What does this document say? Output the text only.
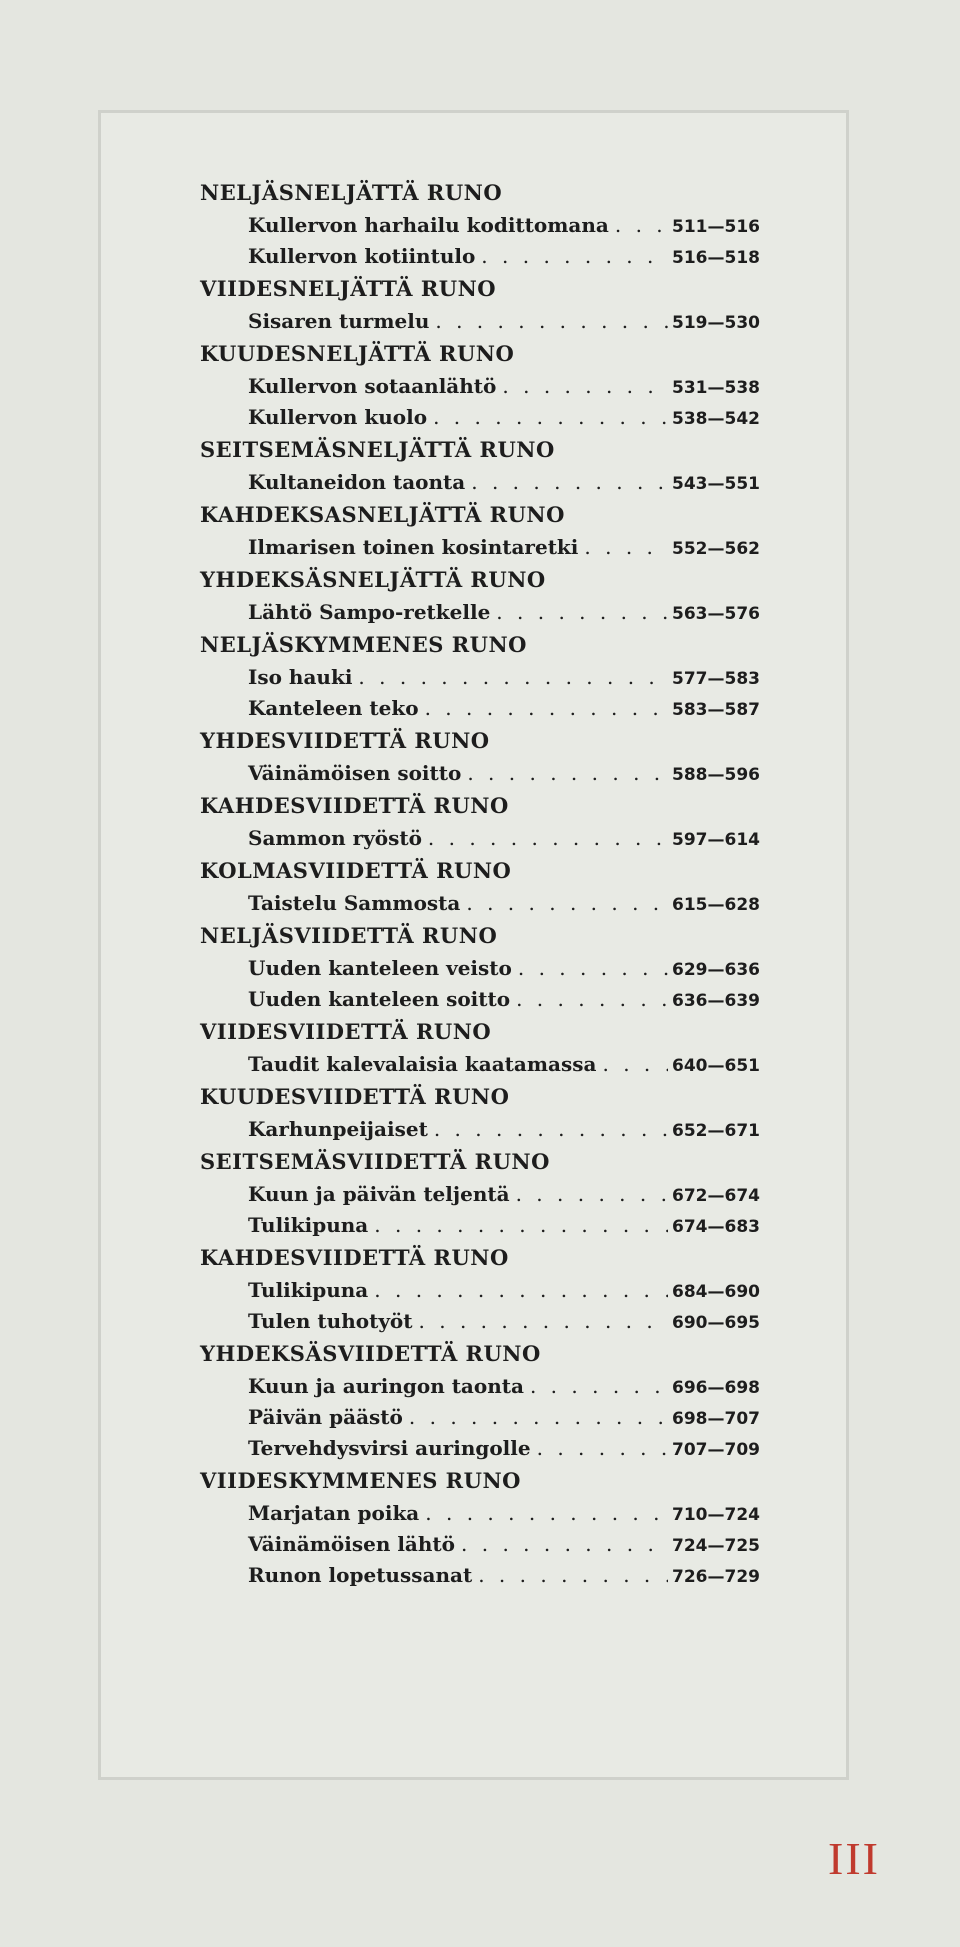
NELJÄSNELJÄTTÄ RUNO
Kullervon harhailu kodittomana . . .	511—516
Kullervon kotiintulo . . .	516—518
VIIDESNELJÄTTÄ RUNO
Sisaren turmelu . . .	519—530
KUUDESNELJÄTTÄ RUNO
Kullervon sotaanlähtö . . .	531—538
Kullervon kuolo . . .	538—542
SEITSEMÄSNELJÄTTÄ RUNO
Kultaneidon taonta . . .	543—551
KAHDEKSASNELJÄTTÄ RUNO
Ilmarisen toinen kosintaretki . . .	552—562
YHDEKSÄSNELJÄTTÄ RUNO
Lähtö Sampo-retkelle . . .	563—576
NELJÄSKYMMENES RUNO
Iso hauki . . .	577—583
Kanteleen teko . . .	583—587
YHDESVIIDETTÄ RUNO
Väinämöisen soitto . . .	588—596
KAHDESVIIDETTÄ RUNO
Sammon ryöstö . . .	597—614
KOLMASVIIDETTÄ RUNO
Taistelu Sammosta . . .	615—628
NELJÄSVIIDETTÄ RUNO
Uuden kanteleen veisto . . .	629—636
Uuden kanteleen soitto . . .	636—639
VIIDESVIIDETTÄ RUNO
Taudit kalevalaisia kaatamassa . . .	640—651
KUUDESVIIDETTÄ RUNO
Karhunpeijaiset . . .	652—671
SEITSEMÄSVIIDETTÄ RUNO
Kuun ja päivän teljentä . . .	672—674
Tulikipuna . . .	674—683
KAHDESVIIDETTÄ RUNO
Tulikipuna . . .	684—690
Tulen tuhotyöt . . .	690—695
YHDEKSÄSVIIDETTÄ RUNO
Kuun ja auringon taonta . . .	696—698
Päivän päästö . . .	698—707
Tervehdysvirsi auringolle . . .	707—709
VIIDESKYMMENES RUNO
Marjatan poika . . .	710—724
Väinämöisen lähtö . . .	724—725
Runon lopetussanat . . .	726—729
III
